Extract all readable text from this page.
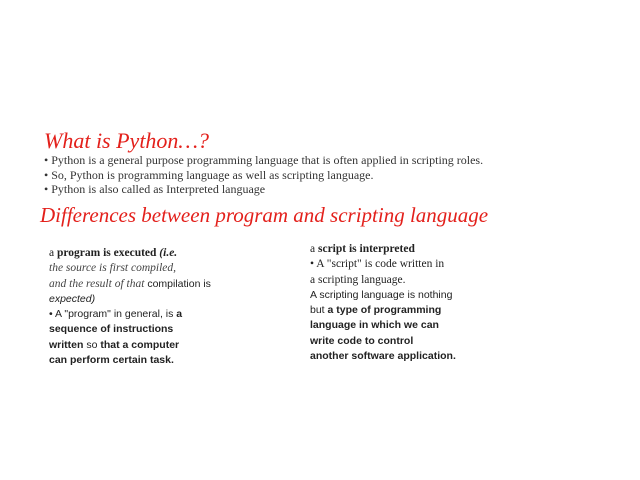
What is Python…?
• Python is a general purpose programming language that is often applied in scripting roles.
• So, Python is programming language as well as scripting language.
• Python is also called as Interpreted language
Differences between program and scripting language
a program is executed (i.e.
the source is first compiled,
and the result of that compilation is
expected)
• A "program" in general, is a
sequence of instructions
written so that a computer
can perform certain task.
a script is interpreted
• A "script" is code written in
a scripting language.
A scripting language is nothing
but a type of programming
language in which we can
write code to control
another software application.
